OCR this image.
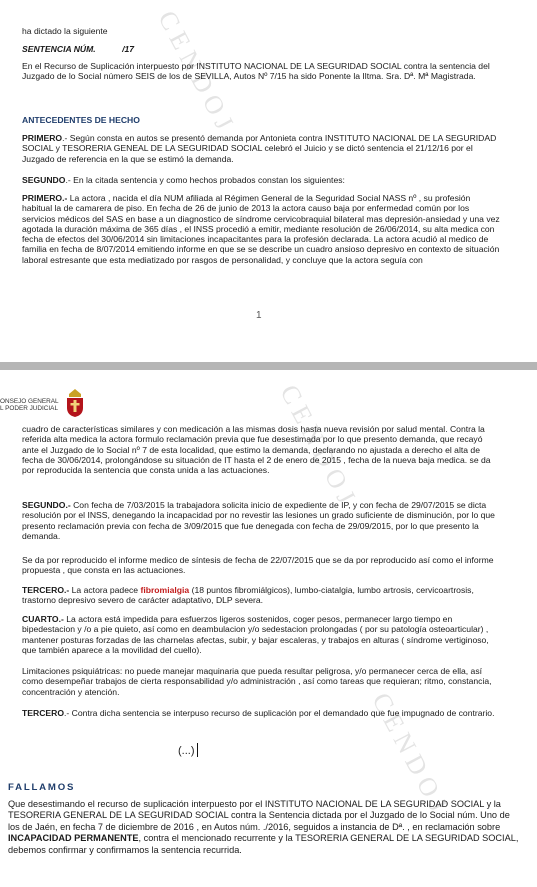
CENDOJ

ha dictado la siguiente

SENTENCIA NÚM.	/17

En el Recurso de Suplicación interpuesto por INSTITUTO NACIONAL DE LA SEGURIDAD SOCIAL contra la sentencia del Juzgado de lo Social número SEIS de los de SEVILLA, Autos Nº 7/15 ha sido Ponente la Iltma. Sra. Dª. Mª Magistrada.

ANTECEDENTES DE HECHO

PRIMERO.- Según consta en autos se presentó demanda por Antonieta contra INSTITUTO NACIONAL DE LA SEGURIDAD SOCIAL y TESORERIA GENEAL DE LA SEGURIDAD SOCIAL celebró el Juicio y se dictó sentencia el 21/12/16 por el Juzgado de referencia en la que se estimó la demanda.

SEGUNDO.- En la citada sentencia y como hechos probados constan los siguientes:

PRIMERO.- La actora , nacida el día NUM afiliada al Régimen General de la Seguridad Social NASS nº , su profesión habitual la de camarera de piso. En fecha de 26 de junio de 2013 la actora causo baja por enfermedad común por los servicios médicos del SAS en base a un diagnostico de síndrome cervicobraquial bilateral mas depresión-ansiedad y una vez agotada la duración máxima de 365 días , el INSS procedió a emitir, mediante resolución de 26/06/2014, su alta medica con fecha de efectos del 30/06/2014 sin limitaciones incapacitantes para la profesión declarada. La actora acudió al medico de familia en fecha de 8/07/2014 emitiendo informe en que se se describe un cuadro ansioso depresivo en contexto de situación laboral estresante que esta mediatizado por rasgos de personalidad, y concluye que la actora seguía con

1
CENDOJ
CENDOJ
ONSEJO GENERAL
L PODER JUDICIAL

cuadro de características similares y con medicación a las mismas dosis hasta nueva revisión por salud mental. Contra la referida alta medica la actora formulo reclamación previa que fue desestimada por lo que presento demanda, que recayó ante el Juzgado de lo Social nº 7 de esta localidad, que estimo la demanda, declarando no ajustada a derecho el alta de fecha de 30/06/2014, prolongándose su situación de IT hasta el 2 de enero de 2015 , fecha de la nueva baja medica. se da por reproducida la sentencia que consta unida a las actuaciones.

SEGUNDO.- Con fecha de 7/03/2015 la trabajadora solicita inicio de expediente de IP, y con fecha de 29/07/2015 se dicta resolución por el INSS, denegando la incapacidad por no revestir las lesiones un grado suficiente de disminución, por lo que presento reclamación previa con fecha de 3/09/2015 que fue denegada con fecha de 29/09/2015, por lo que presento la demanda.

Se da por reproducido el informe medico de síntesis de fecha de 22/07/2015 que se da por reproducido así como el informe propuesta , que consta en las actuaciones.

TERCERO.- La actora padece fibromialgia (18 puntos fibromiálgicos), lumbo-ciatalgia, lumbo artrosis, cervicoartrosis, trastorno depresivo severo de carácter adaptativo, DLP severa.

CUARTO.- La actora está impedida para esfuerzos ligeros sostenidos, coger pesos, permanecer largo tiempo en bipedestacion y /o a pie quieto, así como en deambulacion y/o sedestacion prolongadas ( por su patología osteoarticular) , mantener posturas forzadas de las charnelas afectas, subir, y bajar escaleras, y trabajos en alturas ( síndrome vertiginoso, que también aparece a la movilidad del cuello).

Limitaciones psiquiátricas: no puede manejar maquinaria que pueda resultar peligrosa, y/o permanecer cerca de ella, así como desempeñar trabajos de cierta responsabilidad y/o administración , así como tareas que requieran; ritmo, constancia, concentración y atención.

TERCERO.- Contra dicha sentencia se interpuso recurso de suplicación por el demandado que fue impugnado de contrario.

(...)
FALLAMOS

Que desestimando el recurso de suplicación interpuesto por el INSTITUTO NACIONAL DE LA SEGURIDAD SOCIAL y la TESORERIA GENERAL DE LA SEGURIDAD SOCIAL contra la Sentencia dictada por el Juzgado de lo Social núm. Uno de los de Jaén, en fecha 7 de diciembre de 2016 , en Autos núm. ./2016, seguidos a instancia de Dª. , en reclamación sobre INCAPACIDAD PERMANENTE, contra el mencionado recurrente y la TESORERIA GENERAL DE LA SEGURIDAD SOCIAL, debemos confirmar y confirmamos la sentencia recurrida.
